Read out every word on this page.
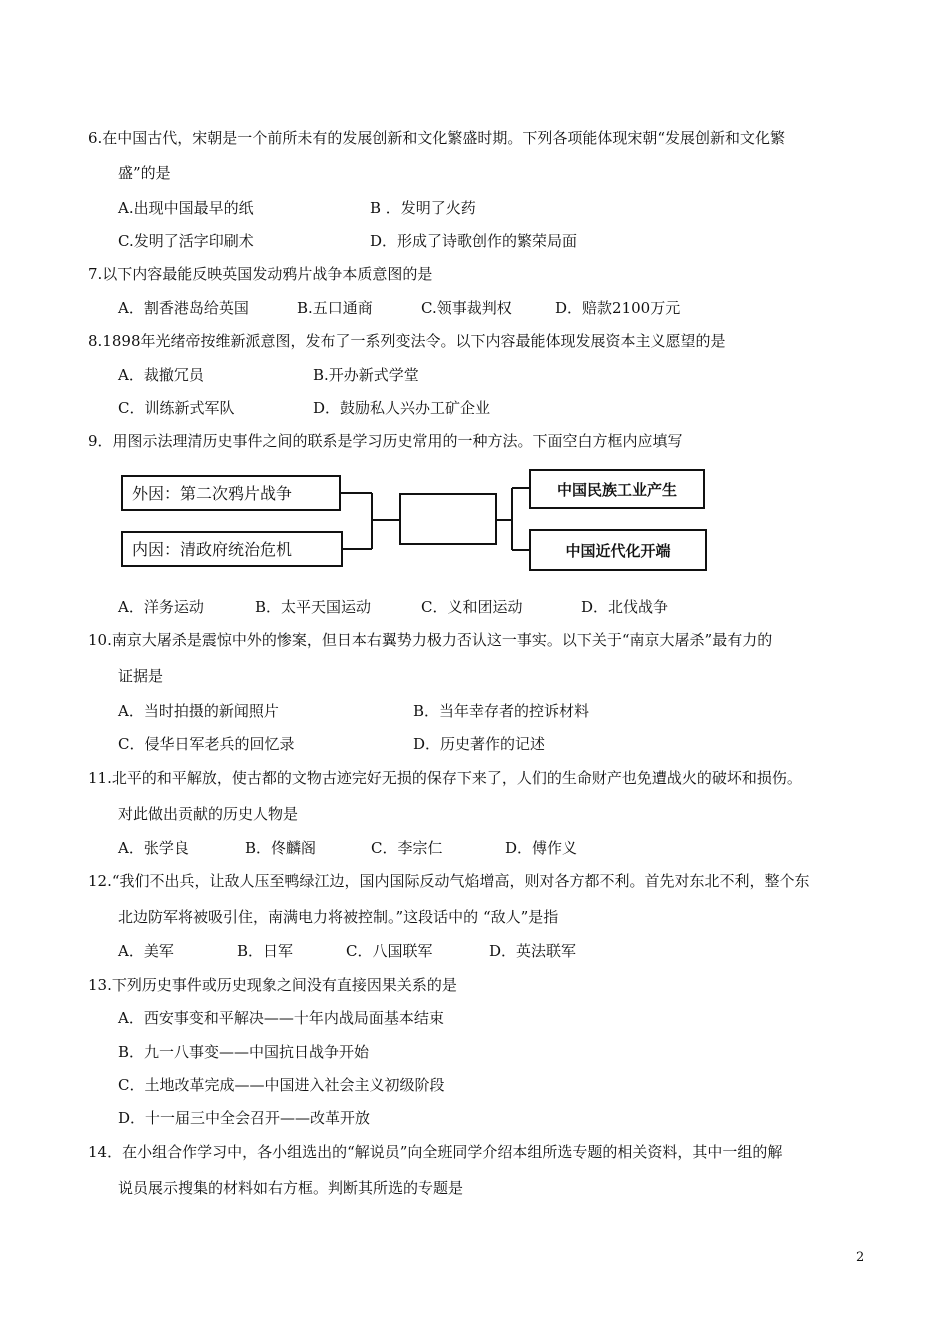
6.在中国古代，宋朝是一个前所未有的发展创新和文化繁盛时期。下列各项能体现宋朝“发展创新和文化繁
盛”的是
A.出现中国最早的纸	B ．发明了火药
C.发明了活字印刷术	D．形成了诗歌创作的繁荣局面
7.以下内容最能反映英国发动鸦片战争本质意图的是
A．割香港岛给英国	B.五口通商	C.领事裁判权	D．赔款2100万元
8.1898年光绪帝按维新派意图，发布了一系列变法令。以下内容最能体现发展资本主义愿望的是
A．裁撤冗员	B.开办新式学堂
C．训练新式军队	D．鼓励私人兴办工矿企业
9．用图示法理清历史事件之间的联系是学习历史常用的一种方法。下面空白方框内应填写
外因：第二次鸦片战争
内因：清政府统治危机
中国民族工业产生
中国近代化开端
A．洋务运动	B．太平天国运动	C．义和团运动	D．北伐战争
10.南京大屠杀是震惊中外的惨案，但日本右翼势力极力否认这一事实。以下关于“南京大屠杀”最有力的
证据是
A．当时拍摄的新闻照片	B．当年幸存者的控诉材料
C．侵华日军老兵的回忆录	D．历史著作的记述
11.北平的和平解放，使古都的文物古迹完好无损的保存下来了，人们的生命财产也免遭战火的破坏和损伤。
对此做出贡献的历史人物是
A．张学良	B．佟麟阁	C．李宗仁	D．傅作义
12.“我们不出兵，让敌人压至鸭绿江边，国内国际反动气焰增高，则对各方都不利。首先对东北不利，整个东
北边防军将被吸引住，南满电力将被控制。”这段话中的 “敌人”是指
A．美军	B．日军	C．八国联军	D．英法联军
13.下列历史事件或历史现象之间没有直接因果关系的是
A．西安事变和平解决——十年内战局面基本结束
B．九一八事变——中国抗日战争开始
C．土地改革完成——中国进入社会主义初级阶段
D．十一届三中全会召开——改革开放
14．在小组合作学习中，各小组选出的“解说员”向全班同学介绍本组所选专题的相关资料，其中一组的解
说员展示搜集的材料如右方框。判断其所选的专题是
2
